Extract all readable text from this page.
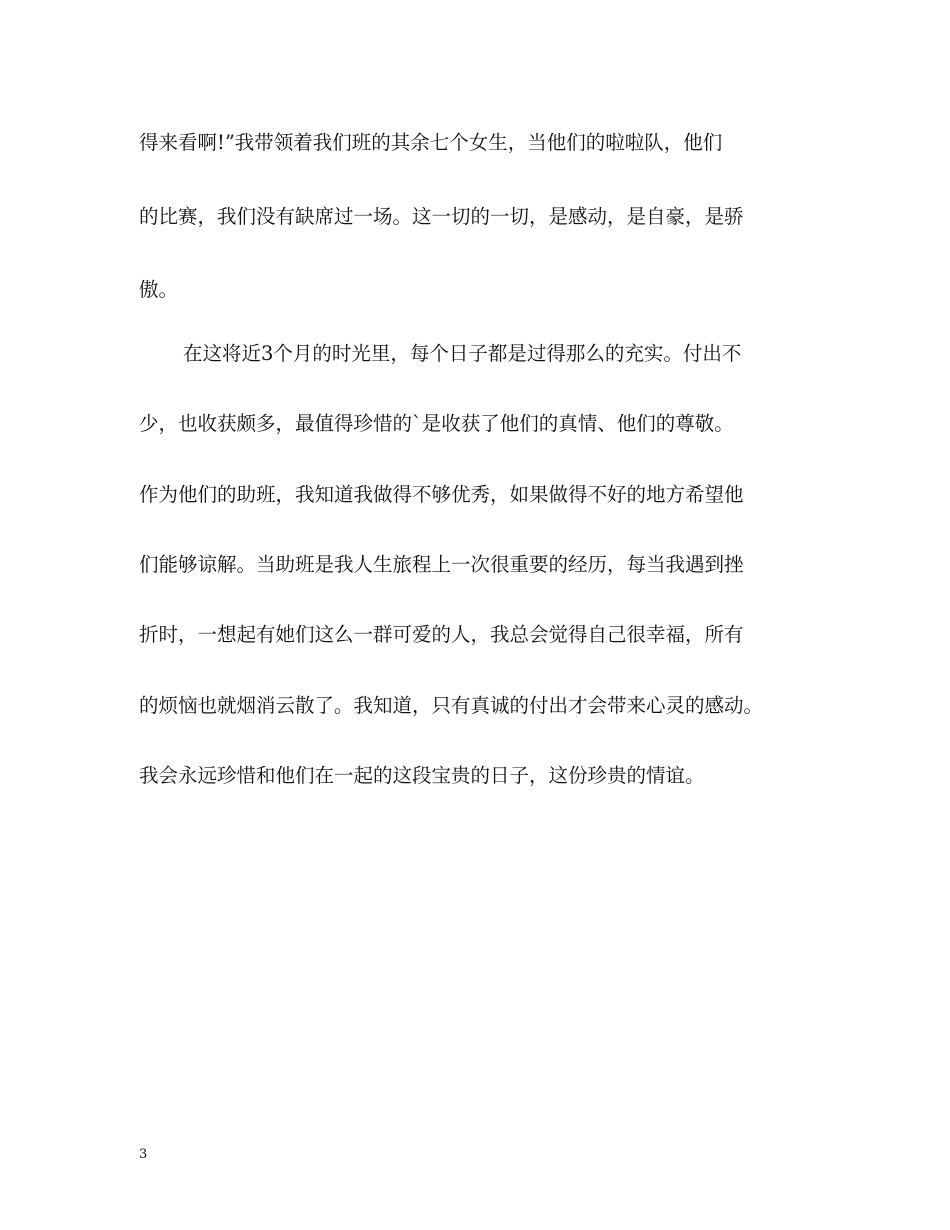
得来看啊!”我带领着我们班的其余七个女生，当他们的啦啦队，他们
的比赛，我们没有缺席过一场。这一切的一切，是感动，是自豪，是骄
傲。
在这将近3个月的时光里，每个日子都是过得那么的充实。付出不
少，也收获颇多，最值得珍惜的`是收获了他们的真情、他们的尊敬。
作为他们的助班，我知道我做得不够优秀，如果做得不好的地方希望他
们能够谅解。当助班是我人生旅程上一次很重要的经历，每当我遇到挫
折时，一想起有她们这么一群可爱的人，我总会觉得自己很幸福，所有
的烦恼也就烟消云散了。我知道，只有真诚的付出才会带来心灵的感动。
我会永远珍惜和他们在一起的这段宝贵的日子，这份珍贵的情谊。
3
